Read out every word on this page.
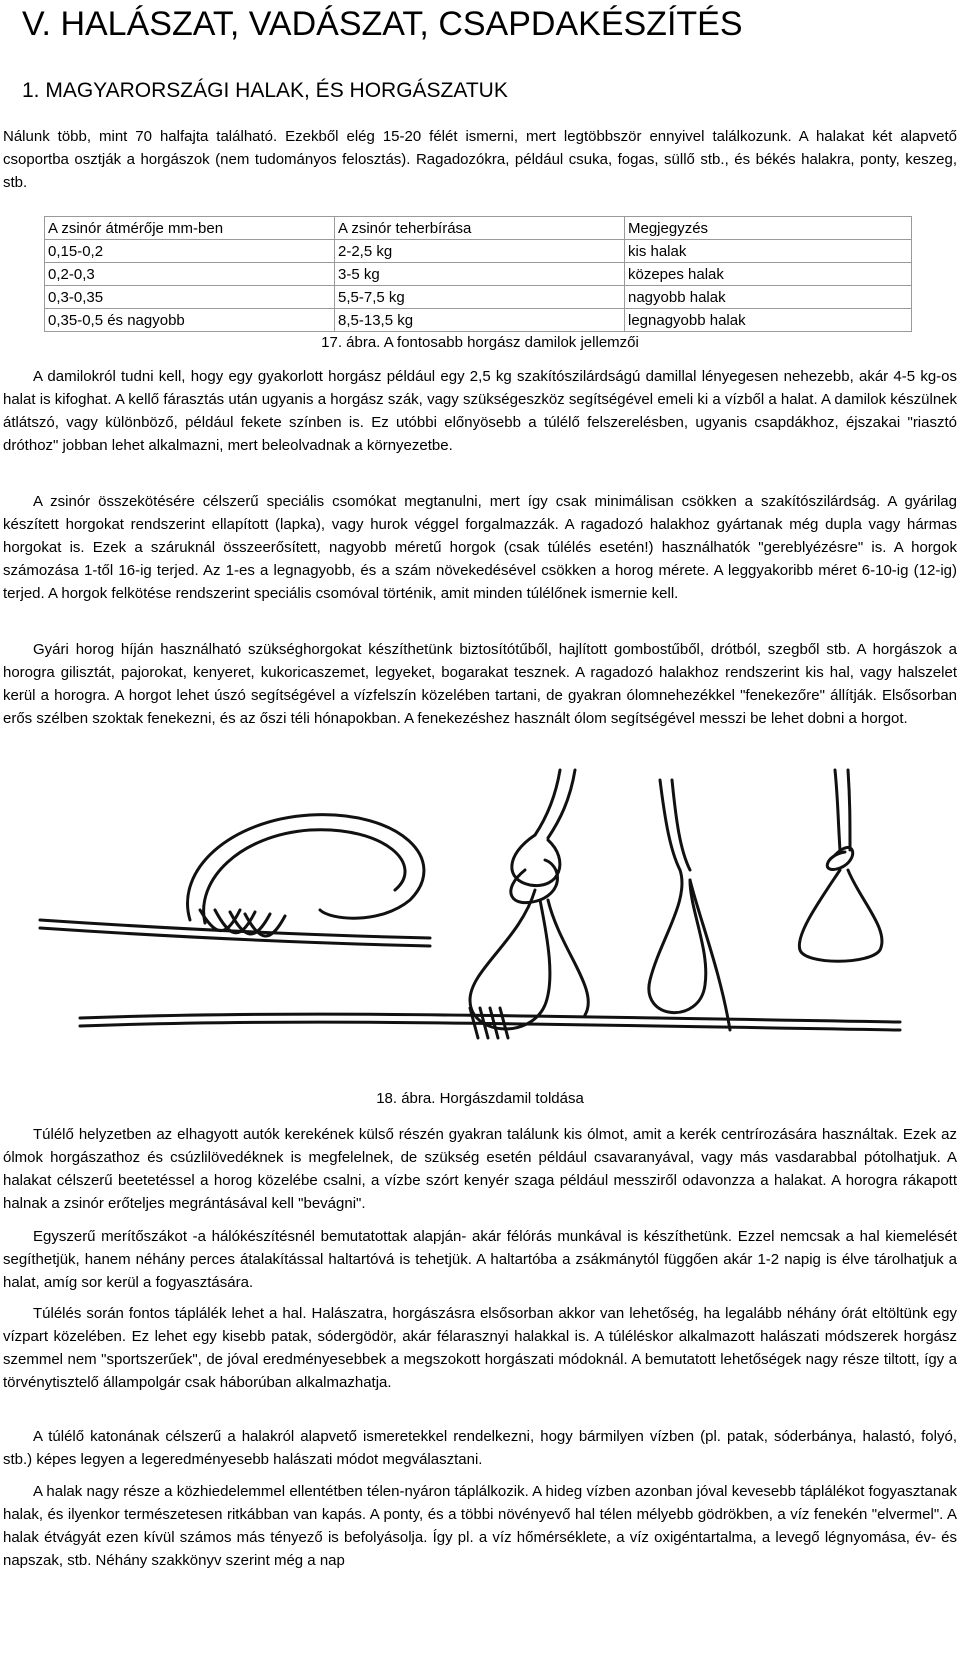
V. HALÁSZAT, VADÁSZAT, CSAPDAKÉSZÍTÉS
1. MAGYARORSZÁGI HALAK, ÉS HORGÁSZATUK

Nálunk több, mint 70 halfajta található. Ezekből elég 15-20 félét ismerni, mert legtöbbször ennyivel találkozunk. A halakat két alapvető csoportba osztják a horgászok (nem tudományos felosztás). Ragadozókra, például csuka, fogas, süllő stb., és békés halakra, ponty, keszeg, stb.

A zsinór átmérője mm-ben	A zsinór teherbírása	Megjegyzés
0,15-0,2	2-2,5 kg	kis halak
0,2-0,3	3-5 kg	közepes halak
0,3-0,35	5,5-7,5 kg	nagyobb halak
0,35-0,5 és nagyobb	8,5-13,5 kg	legnagyobb halak
17. ábra. A fontosabb horgász damilok jellemzői

A damilokról tudni kell, hogy egy gyakorlott horgász például egy 2,5 kg szakítószilárdságú damillal lényegesen nehezebb, akár 4-5 kg-os halat is kifoghat. A kellő fárasztás után ugyanis a horgász szák, vagy szükségeszköz segítségével emeli ki a vízből a halat. A damilok készülnek átlátszó, vagy különböző, például fekete színben is. Ez utóbbi előnyösebb a túlélő felszerelésben, ugyanis csapdákhoz, éjszakai "riasztó dróthoz" jobban lehet alkalmazni, mert beleolvadnak a környezetbe.

A zsinór összekötésére célszerű speciális csomókat megtanulni, mert így csak minimálisan csökken a szakítószilárdság. A gyárilag készített horgokat rendszerint ellapított (lapka), vagy hurok véggel forgalmazzák. A ragadozó halakhoz gyártanak még dupla vagy hármas horgokat is. Ezek a száruknál összeerősített, nagyobb méretű horgok (csak túlélés esetén!) használhatók "gereblyézésre" is. A horgok számozása 1-től 16-ig terjed. Az 1-es a legnagyobb, és a szám növekedésével csökken a horog mérete. A leggyakoribb méret 6-10-ig (12-ig) terjed. A horgok felkötése rendszerint speciális csomóval történik, amit minden túlélőnek ismernie kell.

Gyári horog híján használható szükséghorgokat készíthetünk biztosítótűből, hajlított gombostűből, drótból, szegből stb. A horgászok a horogra gilisztát, pajorokat, kenyeret, kukoricaszemet, legyeket, bogarakat tesznek. A ragadozó halakhoz rendszerint kis hal, vagy halszelet kerül a horogra. A horgot lehet úszó segítségével a vízfelszín közelében tartani, de gyakran ólomnehezékkel "fenekezőre" állítják. Elsősorban erős szélben szoktak fenekezni, és az őszi téli hónapokban. A fenekezéshez használt ólom segítségével messzi be lehet dobni a horgot.

18. ábra. Horgászdamil toldása

Túlélő helyzetben az elhagyott autók kerekének külső részén gyakran találunk kis ólmot, amit a kerék centrírozására használtak. Ezek az ólmok horgászathoz és csúzlilövedéknek is megfelelnek, de szükség esetén például csavaranyával, vagy más vasdarabbal pótolhatjuk. A halakat célszerű beetetéssel a horog közelébe csalni, a vízbe szórt kenyér szaga például messziről odavonzza a halakat. A horogra rákapott halnak a zsinór erőteljes megrántásával kell "bevágni".

Egyszerű merítőszákot -a hálókészítésnél bemutatottak alapján- akár félórás munkával is készíthetünk. Ezzel nemcsak a hal kiemelését segíthetjük, hanem néhány perces átalakítással haltartóvá is tehetjük. A haltartóba a zsákmánytól függően akár 1-2 napig is élve tárolhatjuk a halat, amíg sor kerül a fogyasztására.

Túlélés során fontos táplálék lehet a hal. Halászatra, horgászásra elsősorban akkor van lehetőség, ha legalább néhány órát eltöltünk egy vízpart közelében. Ez lehet egy kisebb patak, sódergödör, akár félarasznyi halakkal is. A túléléskor alkalmazott halászati módszerek horgász szemmel nem "sportszerűek", de jóval eredményesebbek a megszokott horgászati módoknál. A bemutatott lehetőségek nagy része tiltott, így a törvénytisztelő állampolgár csak háborúban alkalmazhatja.

A túlélő katonának célszerű a halakról alapvető ismeretekkel rendelkezni, hogy bármilyen vízben (pl. patak, sóderbánya, halastó, folyó, stb.) képes legyen a legeredményesebb halászati módot megválasztani.

A halak nagy része a közhiedelemmel ellentétben télen-nyáron táplálkozik. A hideg vízben azonban jóval kevesebb táplálékot fogyasztanak halak, és ilyenkor természetesen ritkábban van kapás. A ponty, és a többi növényevő hal télen mélyebb gödrökben, a víz fenekén "elvermel". A halak étvágyát ezen kívül számos más tényező is befolyásolja. Így pl. a víz hőmérséklete, a víz oxigéntartalma, a levegő légnyomása, év- és napszak, stb. Néhány szakkönyv szerint még a nap
